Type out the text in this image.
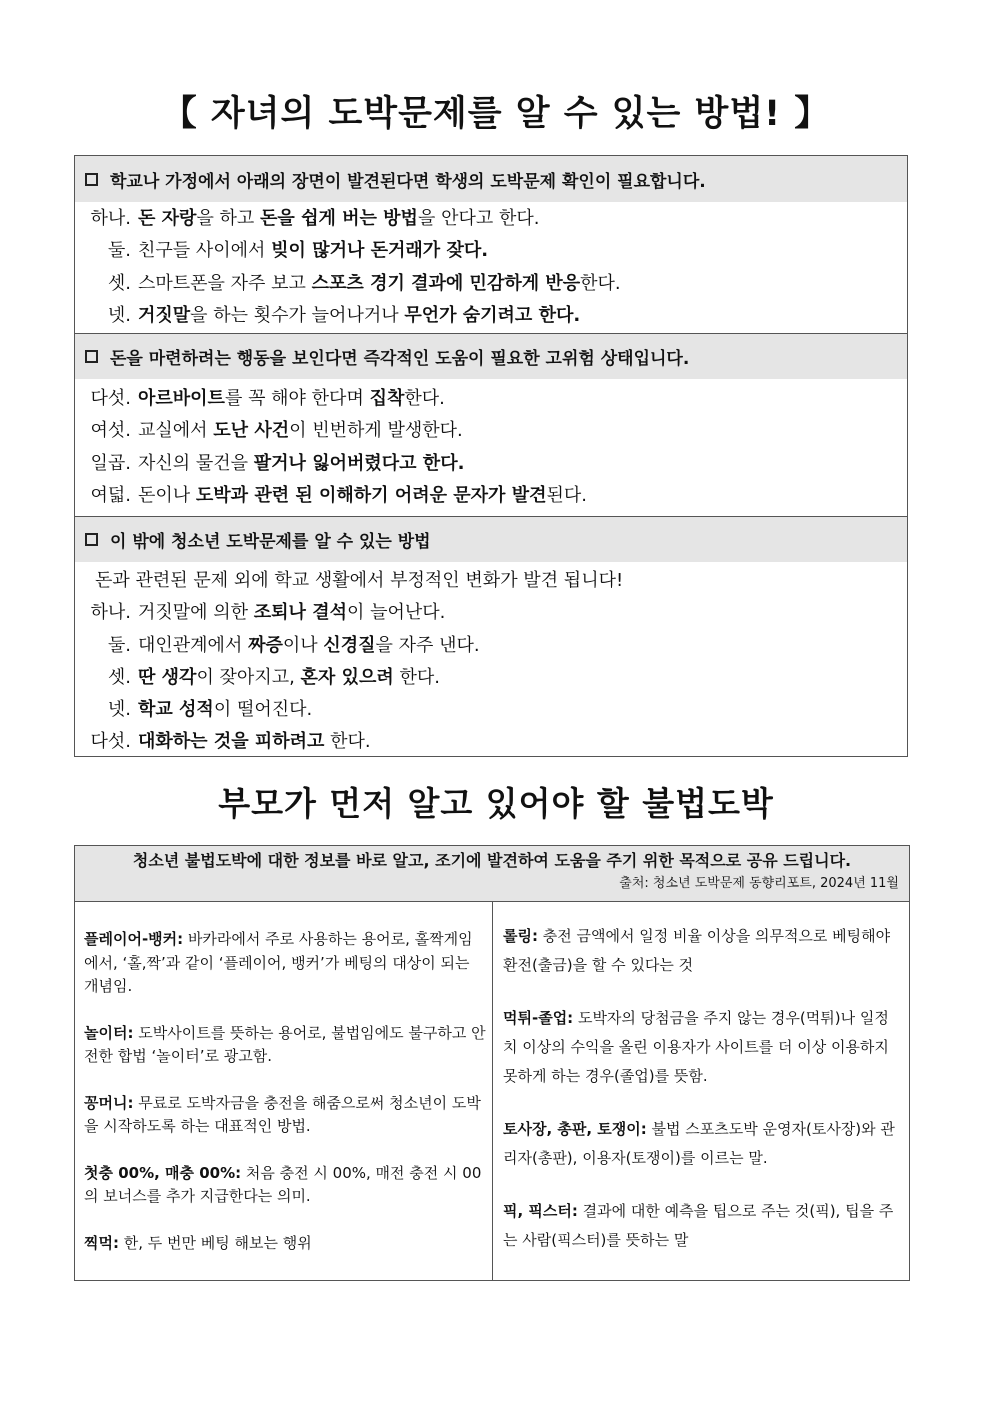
【 자녀의 도박문제를 알 수 있는 방법! 】
학교나 가정에서 아래의 장면이 발견된다면 학생의 도박문제 확인이 필요합니다.
하나. 돈 자랑을 하고 돈을 쉽게 버는 방법을 안다고 한다.
둘. 친구들 사이에서 빚이 많거나 돈거래가 잦다.
셋. 스마트폰을 자주 보고 스포츠 경기 결과에 민감하게 반응한다.
넷. 거짓말을 하는 횟수가 늘어나거나 무언가 숨기려고 한다.
돈을 마련하려는 행동을 보인다면 즉각적인 도움이 필요한 고위험 상태입니다.
다섯. 아르바이트를 꼭 해야 한다며 집착한다.
여섯. 교실에서 도난 사건이 빈번하게 발생한다.
일곱. 자신의 물건을 팔거나 잃어버렸다고 한다.
여덟. 돈이나 도박과 관련 된 이해하기 어려운 문자가 발견된다.
이 밖에 청소년 도박문제를 알 수 있는 방법
돈과 관련된 문제 외에 학교 생활에서 부정적인 변화가 발견 됩니다!
하나. 거짓말에 의한 조퇴나 결석이 늘어난다.
둘. 대인관계에서 짜증이나 신경질을 자주 낸다.
셋. 딴 생각이 잦아지고, 혼자 있으려 한다.
넷. 학교 성적이 떨어진다.
다섯. 대화하는 것을 피하려고 한다.
부모가 먼저 알고 있어야 할 불법도박
청소년 불법도박에 대한 정보를 바로 알고, 조기에 발견하여 도움을 주기 위한 목적으로 공유 드립니다.
출처: 청소년 도박문제 동향리포트, 2024년 11월
플레이어-뱅커: 바카라에서 주로 사용하는 용어로, 홀짝게임에서, ‘홀,짝’과 같이 ‘플레이어, 뱅커’가 베팅의 대상이 되는 개념임.
놀이터: 도박사이트를 뜻하는 용어로, 불법임에도 불구하고 안전한 합법 ‘놀이터’로 광고함.
꽁머니: 무료로 도박자금을 충전을 해줌으로써 청소년이 도박을 시작하도록 하는 대표적인 방법.
첫충 00%, 매충 00%: 처음 충전 시 00%, 매전 충전 시 00의 보너스를 추가 지급한다는 의미.
찍먹: 한, 두 번만 베팅 해보는 행위
롤링: 충전 금액에서 일정 비율 이상을 의무적으로 베팅해야 환전(출금)을 할 수 있다는 것
먹튀-졸업: 도박자의 당첨금을 주지 않는 경우(먹튀)나 일정 치 이상의 수익을 올린 이용자가 사이트를 더 이상 이용하지 못하게 하는 경우(졸업)를 뜻함.
토사장, 총판, 토쟁이: 불법 스포츠도박 운영자(토사장)와 관리자(총판), 이용자(토쟁이)를 이르는 말.
픽, 픽스터: 결과에 대한 예측을 팁으로 주는 것(픽), 팁을 주는 사람(픽스터)를 뜻하는 말
